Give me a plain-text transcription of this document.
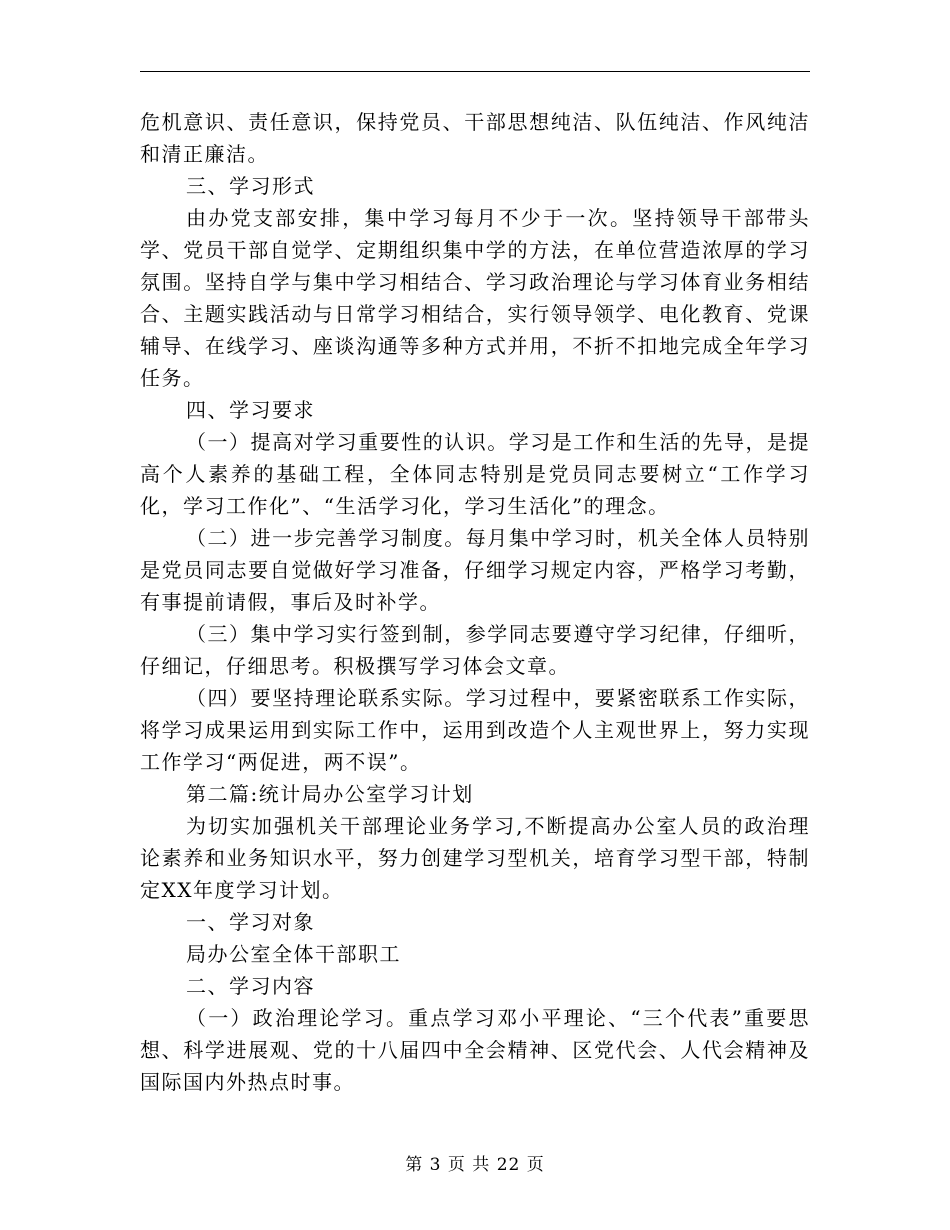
危机意识、责任意识，保持党员、干部思想纯洁、队伍纯洁、作风纯洁和清正廉洁。

三、学习形式

由办党支部安排，集中学习每月不少于一次。坚持领导干部带头学、党员干部自觉学、定期组织集中学的方法，在单位营造浓厚的学习氛围。坚持自学与集中学习相结合、学习政治理论与学习体育业务相结合、主题实践活动与日常学习相结合，实行领导领学、电化教育、党课辅导、在线学习、座谈沟通等多种方式并用，不折不扣地完成全年学习任务。

四、学习要求

（一）提高对学习重要性的认识。学习是工作和生活的先导，是提高个人素养的基础工程，全体同志特别是党员同志要树立“工作学习化，学习工作化”、“生活学习化，学习生活化”的理念。

（二）进一步完善学习制度。每月集中学习时，机关全体人员特别是党员同志要自觉做好学习准备，仔细学习规定内容，严格学习考勤，有事提前请假，事后及时补学。

（三）集中学习实行签到制，参学同志要遵守学习纪律，仔细听，仔细记，仔细思考。积极撰写学习体会文章。

（四）要坚持理论联系实际。学习过程中，要紧密联系工作实际，将学习成果运用到实际工作中，运用到改造个人主观世界上，努力实现工作学习“两促进，两不误”。

第二篇:统计局办公室学习计划

为切实加强机关干部理论业务学习,不断提高办公室人员的政治理论素养和业务知识水平，努力创建学习型机关，培育学习型干部，特制定XX年度学习计划。

一、学习对象

局办公室全体干部职工

二、学习内容

（一）政治理论学习。重点学习邓小平理论、“三个代表”重要思想、科学进展观、党的十八届四中全会精神、区党代会、人代会精神及国际国内外热点时事。

第 3 页 共 22 页
